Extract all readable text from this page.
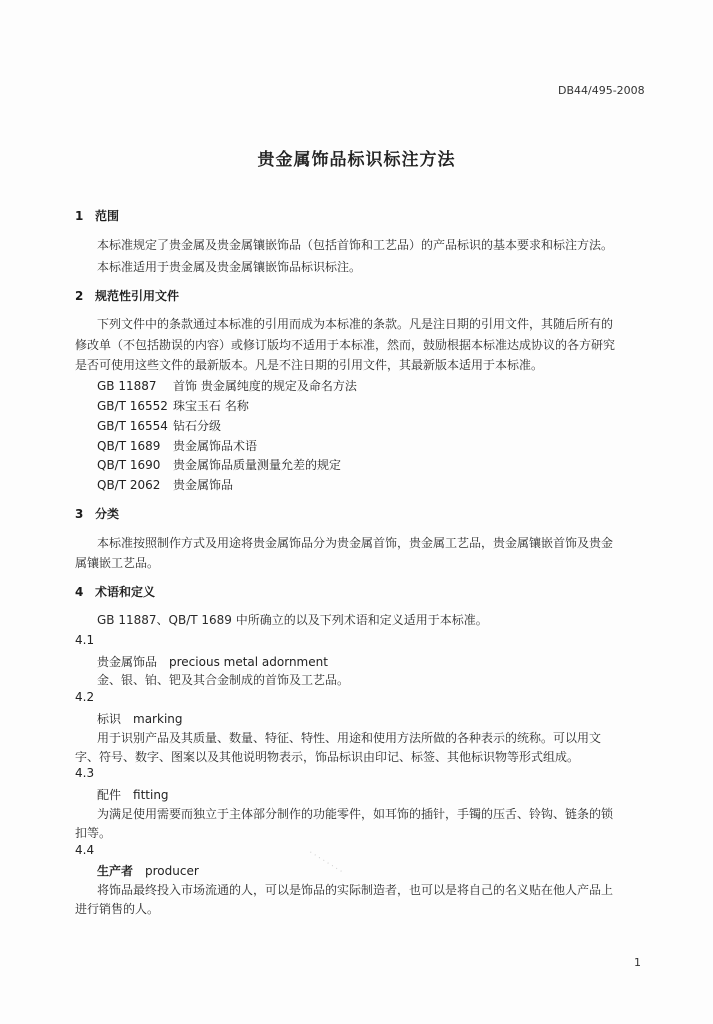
DB44/495-2008
贵金属饰品标识标注方法
1 范围
本标准规定了贵金属及贵金属镶嵌饰品（包括首饰和工艺品）的产品标识的基本要求和标注方法。
本标准适用于贵金属及贵金属镶嵌饰品标识标注。
2 规范性引用文件
下列文件中的条款通过本标准的引用而成为本标准的条款。凡是注日期的引用文件，其随后所有的
修改单（不包括勘误的内容）或修订版均不适用于本标准，然而，鼓励根据本标准达成协议的各方研究
是否可使用这些文件的最新版本。凡是不注日期的引用文件，其最新版本适用于本标准。
GB 11887 首饰 贵金属纯度的规定及命名方法
GB/T 16552 珠宝玉石 名称
GB/T 16554 钻石分级
QB/T 1689 贵金属饰品术语
QB/T 1690 贵金属饰品质量测量允差的规定
QB/T 2062 贵金属饰品
3 分类
本标准按照制作方式及用途将贵金属饰品分为贵金属首饰，贵金属工艺品，贵金属镶嵌首饰及贵金
属镶嵌工艺品。
4 术语和定义
GB 11887、QB/T 1689 中所确立的以及下列术语和定义适用于本标准。
4.1
贵金属饰品 precious metal adornment
金、银、铂、钯及其合金制成的首饰及工艺品。
4.2
标识 marking
用于识别产品及其质量、数量、特征、特性、用途和使用方法所做的各种表示的统称。可以用文
字、符号、数字、图案以及其他说明物表示，饰品标识由印记、标签、其他标识物等形式组成。
4.3
配件 fitting
为满足使用需要而独立于主体部分制作的功能零件，如耳饰的插针，手镯的压舌、铃钩、链条的锁
扣等。
4.4
生产者 producer
将饰品最终投入市场流通的人，可以是饰品的实际制造者，也可以是将自己的名义贴在他人产品上
进行销售的人。
· · · · · · · ·
1
